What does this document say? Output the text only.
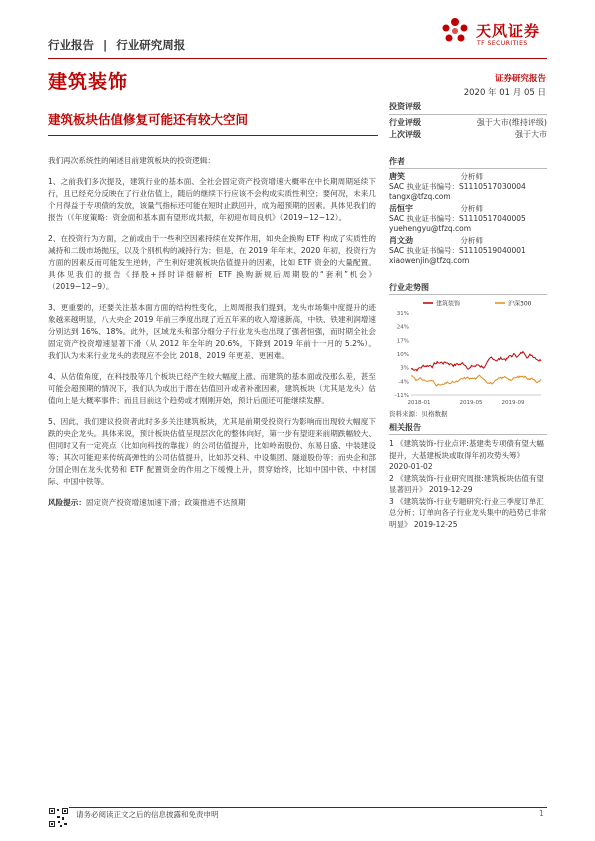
天风证券
TF SECURITIES
行业报告 | 行业研究周报
建筑装饰	证券研究报告
2020 年 01 月 05 日
建筑板块估值修复可能还有较大空间

我们再次系统性的阐述目前建筑板块的投资逻辑：

1、之前我们多次提及，建筑行业的基本面、全社会固定资产投资增速大概率在中长期周期延续下行，且已经充分反映在了行业估值上，随后的继续下行应该不会构成实质性利空；要何况，未来几个月得益于专项债的发放，该量气指标还可能在短时止跌回升，成为超预期的因素。具体见我们的报告（《年度策略：资金面和基本面有望形成共振，年初迎布局良机》（2019−12−12）。

2、在投资行为方面，之前或由于一些利空因素持续在发挥作用，如央企换购 ETF 构成了实质性的减持和二级市场抛压，以及个别机构的减持行为；但是，在 2019 年年末、2020 年初，投资行为方面的因素反而可能发生逆转，产生利好建筑板块估值提升的因素，比如 ETF 资金的大量配置。具体见我们的报告《择股+择时详细解析 ETF 换购新规后周期股的“套利”机会》（2019−12−9）。

3、更重要的，还要关注基本面方面的结构性变化，上周周报我们提到，龙头市场集中度提升的迹象越来越明显，八大央企 2019 年前三季度出现了近五年来的收入增速新高，中铁、铁建利润增速分别达到 16%、18%。此外，区域龙头和部分细分子行业龙头也出现了强者恒强，而时期全社会固定资产投资增速显著下滑（从 2012 年全年的 20.6%，下降到 2019 年前十一月的 5.2%）。我们认为未来行业龙头的表现应不会比 2018、2019 年更差、更困难。

4、从估值角度，在科技股等几个板块已经产生较大幅度上涨、而建筑的基本面或没那么差，甚至可能会超预期的情况下，我们认为或出于潜在估值回升或者补涨因素，建筑板块（尤其是龙头）估值向上是大概率事件；而且目前这个趋势或才刚刚开始，预计后面还可能继续发酵。

5、因此，我们建议投资者此时多多关注建筑板块，尤其是前期受投资行为影响而出现较大幅度下跌的央企龙头。具体来说，预计板块估值呈现层次化的整体向好，第一步有望迎来前期跌幅较大、但同时又有一定亮点（比如向科技的靠拢）的公司估值提升，比如岭南股份、东易日盛、中装建设等；其次可能迎来传统高弹性的公司估值提升，比如苏交科、中设集团、隧道股份等；而央企和部分国企则在龙头优势和 ETF 配置资金的作用之下缓慢上升，贯穿始终，比如中国中铁、中材国际、中国中铁等。

风险提示：固定资产投资增速加速下滑；政策推进不达预期

投资评级
行业评级	强于大市(维持评级)
上次评级	强于大市
作者
唐笑	分析师
SAC 执业证书编号：S1110517030004
tangx@tfzq.com
岳恒宇	分析师
SAC 执业证书编号：S1110517040005
yuehengyu@tfzq.com
肖文劲	分析师
SAC 执业证书编号：S1110519040001
xiaowenjin@tfzq.com
行业走势图
建筑装饰	沪深300
31%
24%
17%
10%
3%
-4%
-11%
2018-01	2019-05	2019-09
资料来源：贝格数据
相关报告
1 《建筑装饰-行业点评:基建类专项债有望大幅提升，大基建板块或取得年初攻势头筹》 2020-01-02
2 《建筑装饰-行业研究周报:建筑板块估值有望显著回升》 2019-12-29
3 《建筑装饰-行业专题研究:行业三季度订单汇总分析；订单向各子行业龙头集中的趋势已非常明显》 2019-12-25
请务必阅读正文之后的信息披露和免责申明	1
